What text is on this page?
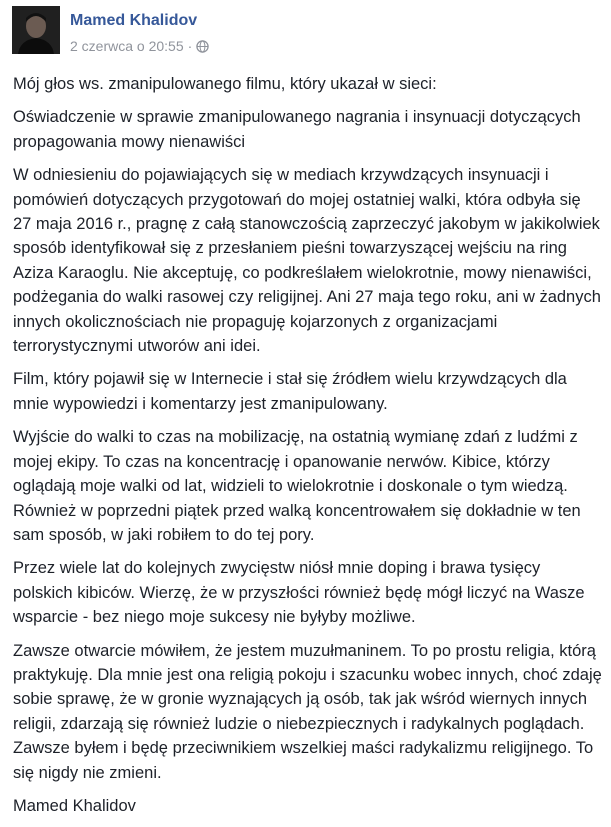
Mamed Khalidov
2 czerwca o 20:55 ·

Mój głos ws. zmanipulowanego filmu, który ukazał w sieci:

Oświadczenie w sprawie zmanipulowanego nagrania i insynuacji dotyczących propagowania mowy nienawiści

W odniesieniu do pojawiających się w mediach krzywdzących insynuacji i pomówień dotyczących przygotowań do mojej ostatniej walki, która odbyła się 27 maja 2016 r., pragnę z całą stanowczością zaprzeczyć jakobym w jakikolwiek sposób identyfikował się z przesłaniem pieśni towarzyszącej wejściu na ring Aziza Karaoglu. Nie akceptuję, co podkreślałem wielokrotnie, mowy nienawiści, podżegania do walki rasowej czy religijnej. Ani 27 maja tego roku, ani w żadnych innych okolicznościach nie propaguję kojarzonych z organizacjami terrorystycznymi utworów ani idei.

Film, który pojawił się w Internecie i stał się źródłem wielu krzywdzących dla mnie wypowiedzi i komentarzy jest zmanipulowany.

Wyjście do walki to czas na mobilizację, na ostatnią wymianę zdań z ludźmi z mojej ekipy. To czas na koncentrację i opanowanie nerwów. Kibice, którzy oglądają moje walki od lat, widzieli to wielokrotnie i doskonale o tym wiedzą. Również w poprzedni piątek przed walką koncentrowałem się dokładnie w ten sam sposób, w jaki robiłem to do tej pory.

Przez wiele lat do kolejnych zwycięstw niósł mnie doping i brawa tysięcy polskich kibiców. Wierzę, że w przyszłości również będę mógł liczyć na Wasze wsparcie - bez niego moje sukcesy nie byłyby możliwe.

Zawsze otwarcie mówiłem, że jestem muzułmaninem. To po prostu religia, którą praktykuję. Dla mnie jest ona religią pokoju i szacunku wobec innych, choć zdaję sobie sprawę, że w gronie wyznających ją osób, tak jak wśród wiernych innych religii, zdarzają się również ludzie o niebezpiecznych i radykalnych poglądach. Zawsze byłem i będę przeciwnikiem wszelkiej maści radykalizmu religijnego. To się nigdy nie zmieni.

Mamed Khalidov
